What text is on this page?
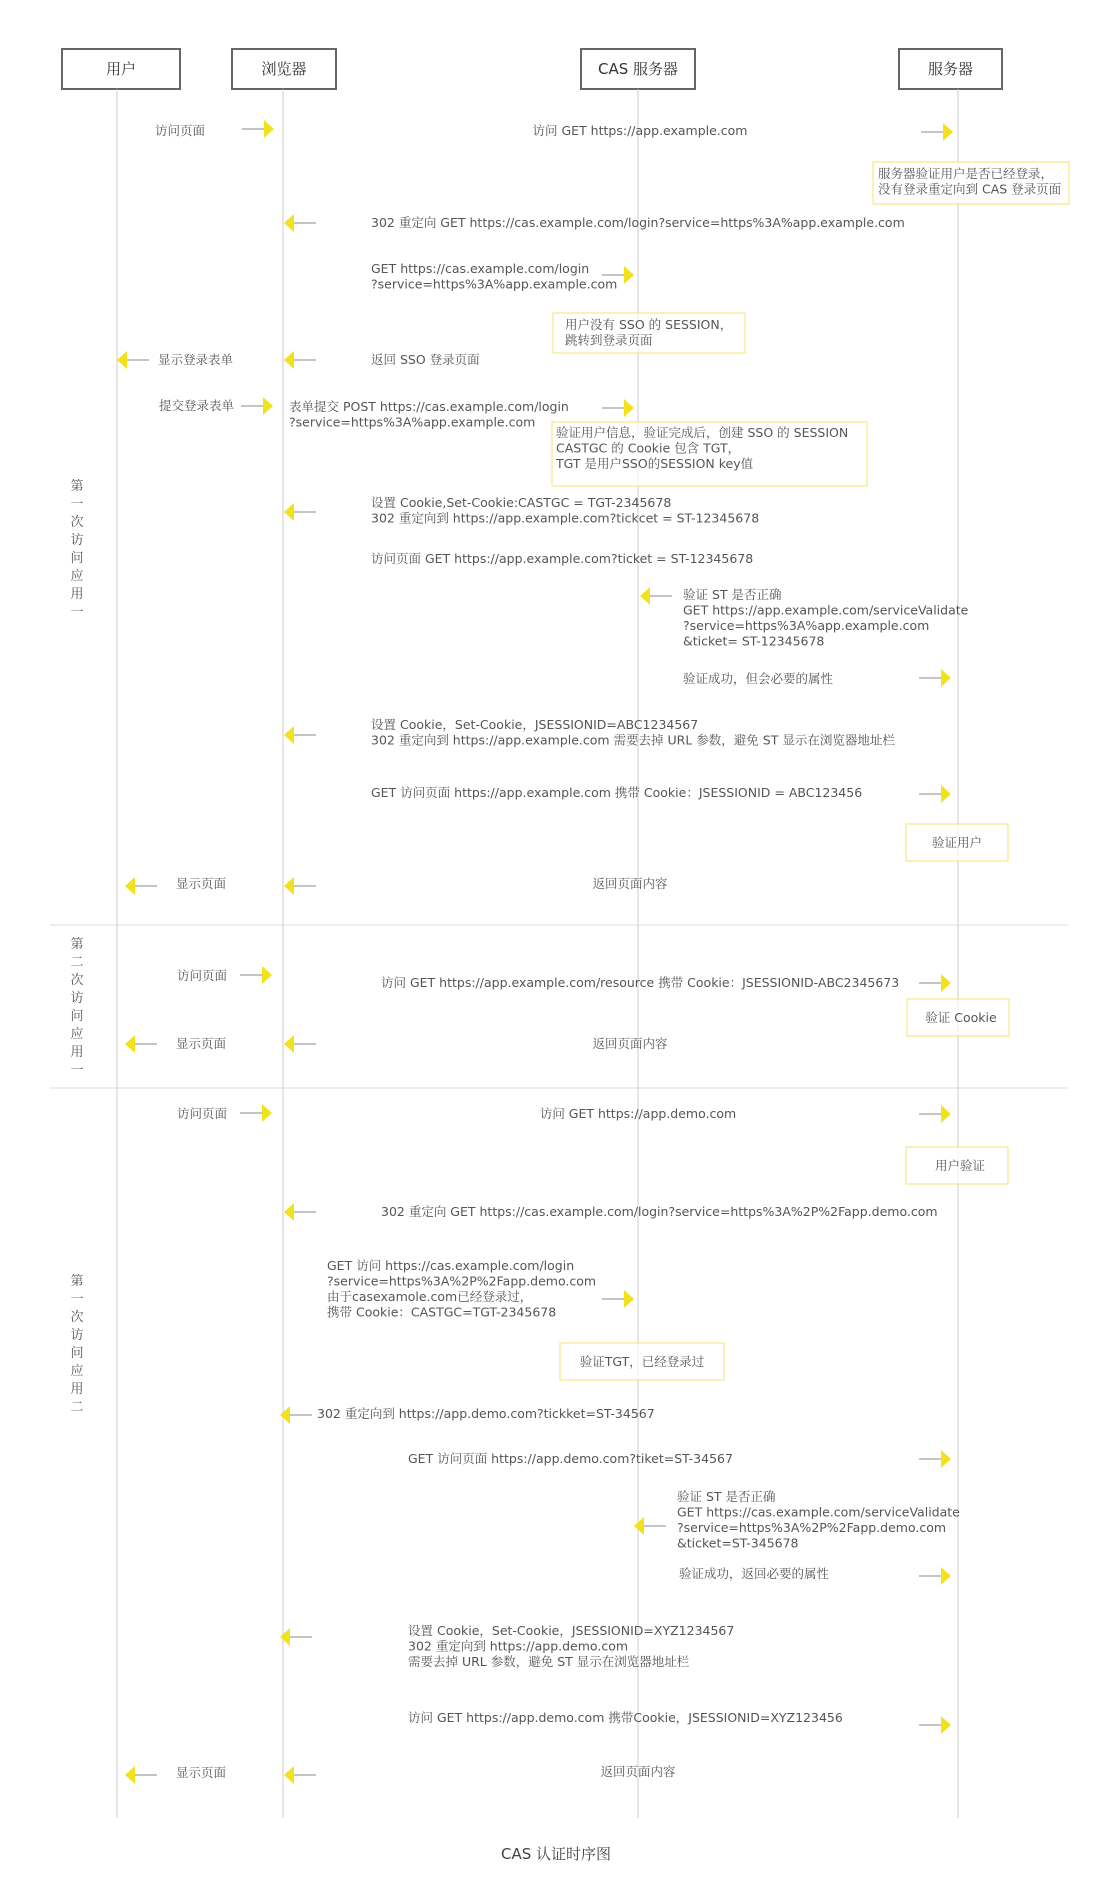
用户	浏览器	CAS 服务器	服务器
第一次访问应用一
第二次访问应用一
第一次访问应用二
访问页面	访问 GET https://app.example.com
302 重定向 GET https://cas.example.com/login?service=https%3A%app.example.com
GET https://cas.example.com/login
?service=https%3A%app.example.com
显示登录表单	返回 SSO 登录页面
提交登录表单	表单提交 POST https://cas.example.com/login
?service=https%3A%app.example.com
设置 Cookie,Set-Cookie:CASTGC = TGT-2345678
302 重定向到 https://app.example.com?tickcet = ST-12345678
访问页面 GET https://app.example.com?ticket = ST-12345678
验证 ST 是否正确
GET https://app.example.com/serviceValidate
?service=https%3A%app.example.com
&ticket= ST-12345678
验证成功，但会必要的属性
设置 Cookie，Set-Cookie，JSESSIONID=ABC1234567
302 重定向到 https://app.example.com 需要去掉 URL 参数，避免 ST 显示在浏览器地址栏
GET 访问页面 https://app.example.com 携带 Cookie：JSESSIONID = ABC123456
显示页面	返回页面内容
访问页面	访问 GET https://app.example.com/resource 携带 Cookie：JSESSIONID-ABC2345673
显示页面	返回页面内容
访问页面	访问 GET https://app.demo.com
302 重定向 GET https://cas.example.com/login?service=https%3A%2P%2Fapp.demo.com
GET 访问 https://cas.example.com/login
?service=https%3A%2P%2Fapp.demo.com
由于casexamole.com已经登录过，
携带 Cookie：CASTGC=TGT-2345678
302 重定向到 https://app.demo.com?tickket=ST-34567
GET 访问页面 https://app.demo.com?tiket=ST-34567
验证 ST 是否正确
GET https://cas.example.com/serviceValidate
?service=https%3A%2P%2Fapp.demo.com
&ticket=ST-345678
验证成功，返回必要的属性
设置 Cookie，Set-Cookie，JSESSIONID=XYZ1234567
302 重定向到 https://app.demo.com
需要去掉 URL 参数，避免 ST 显示在浏览器地址栏
访问 GET https://app.demo.com 携带Cookie，JSESSIONID=XYZ123456
显示页面	返回页面内容
服务器验证用户是否已经登录，
没有登录重定向到 CAS 登录页面
用户没有 SSO 的 SESSION，
跳转到登录页面
验证用户信息，验证完成后，创建 SSO 的 SESSION
CASTGC 的 Cookie 包含 TGT，
TGT 是用户SSO的SESSION key值
验证用户
验证 Cookie
用户验证
验证TGT，已经登录过
CAS 认证时序图
